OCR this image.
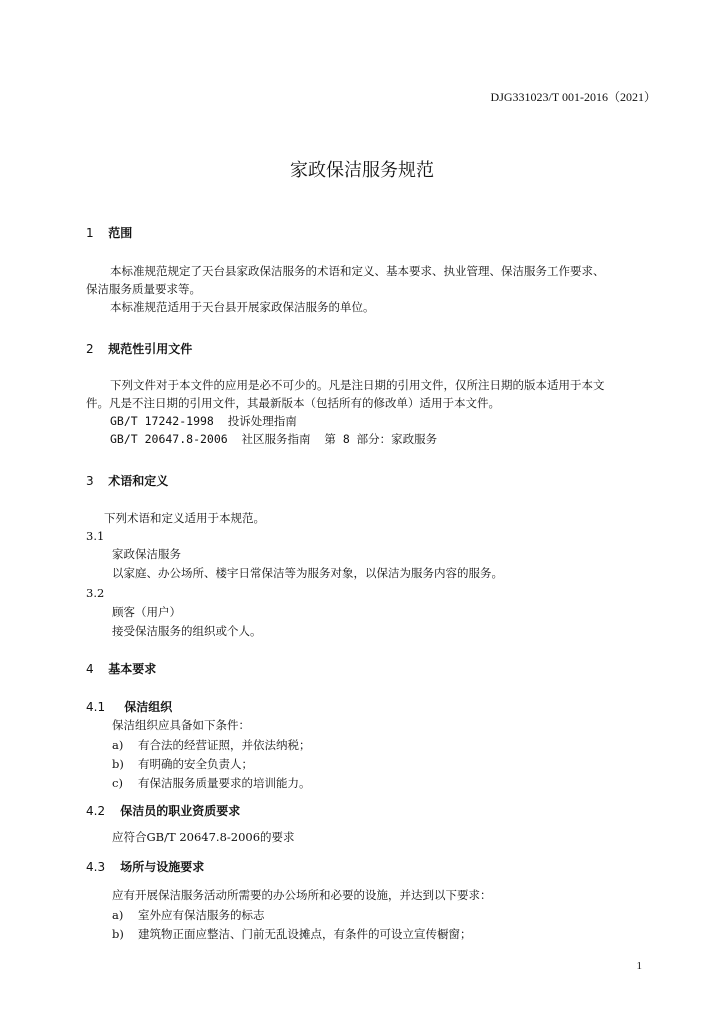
DJG331023/T 001-2016（2021）
家政保洁服务规范
1 范围
本标准规范规定了天台县家政保洁服务的术语和定义、基本要求、执业管理、保洁服务工作要求、
保洁服务质量要求等。
本标准规范适用于天台县开展家政保洁服务的单位。
2 规范性引用文件
下列文件对于本文件的应用是必不可少的。凡是注日期的引用文件，仅所注日期的版本适用于本文
件。凡是不注日期的引用文件，其最新版本（包括所有的修改单）适用于本文件。
GB/T 17242-1998  投诉处理指南
GB/T 20647.8-2006  社区服务指南  第 8 部分：家政服务
3 术语和定义
下列术语和定义适用于本规范。
3.1
家政保洁服务
以家庭、办公场所、楼宇日常保洁等为服务对象，以保洁为服务内容的服务。
3.2
顾客（用户）
接受保洁服务的组织或个人。
4 基本要求
4.1 保洁组织
保洁组织应具备如下条件：
a) 有合法的经营证照，并依法纳税；
b) 有明确的安全负责人；
c) 有保洁服务质量要求的培训能力。
4.2 保洁员的职业资质要求
应符合GB/T 20647.8-2006的要求
4.3 场所与设施要求
应有开展保洁服务活动所需要的办公场所和必要的设施，并达到以下要求：
a) 室外应有保洁服务的标志
b) 建筑物正面应整洁、门前无乱设摊点，有条件的可设立宣传橱窗；
1
